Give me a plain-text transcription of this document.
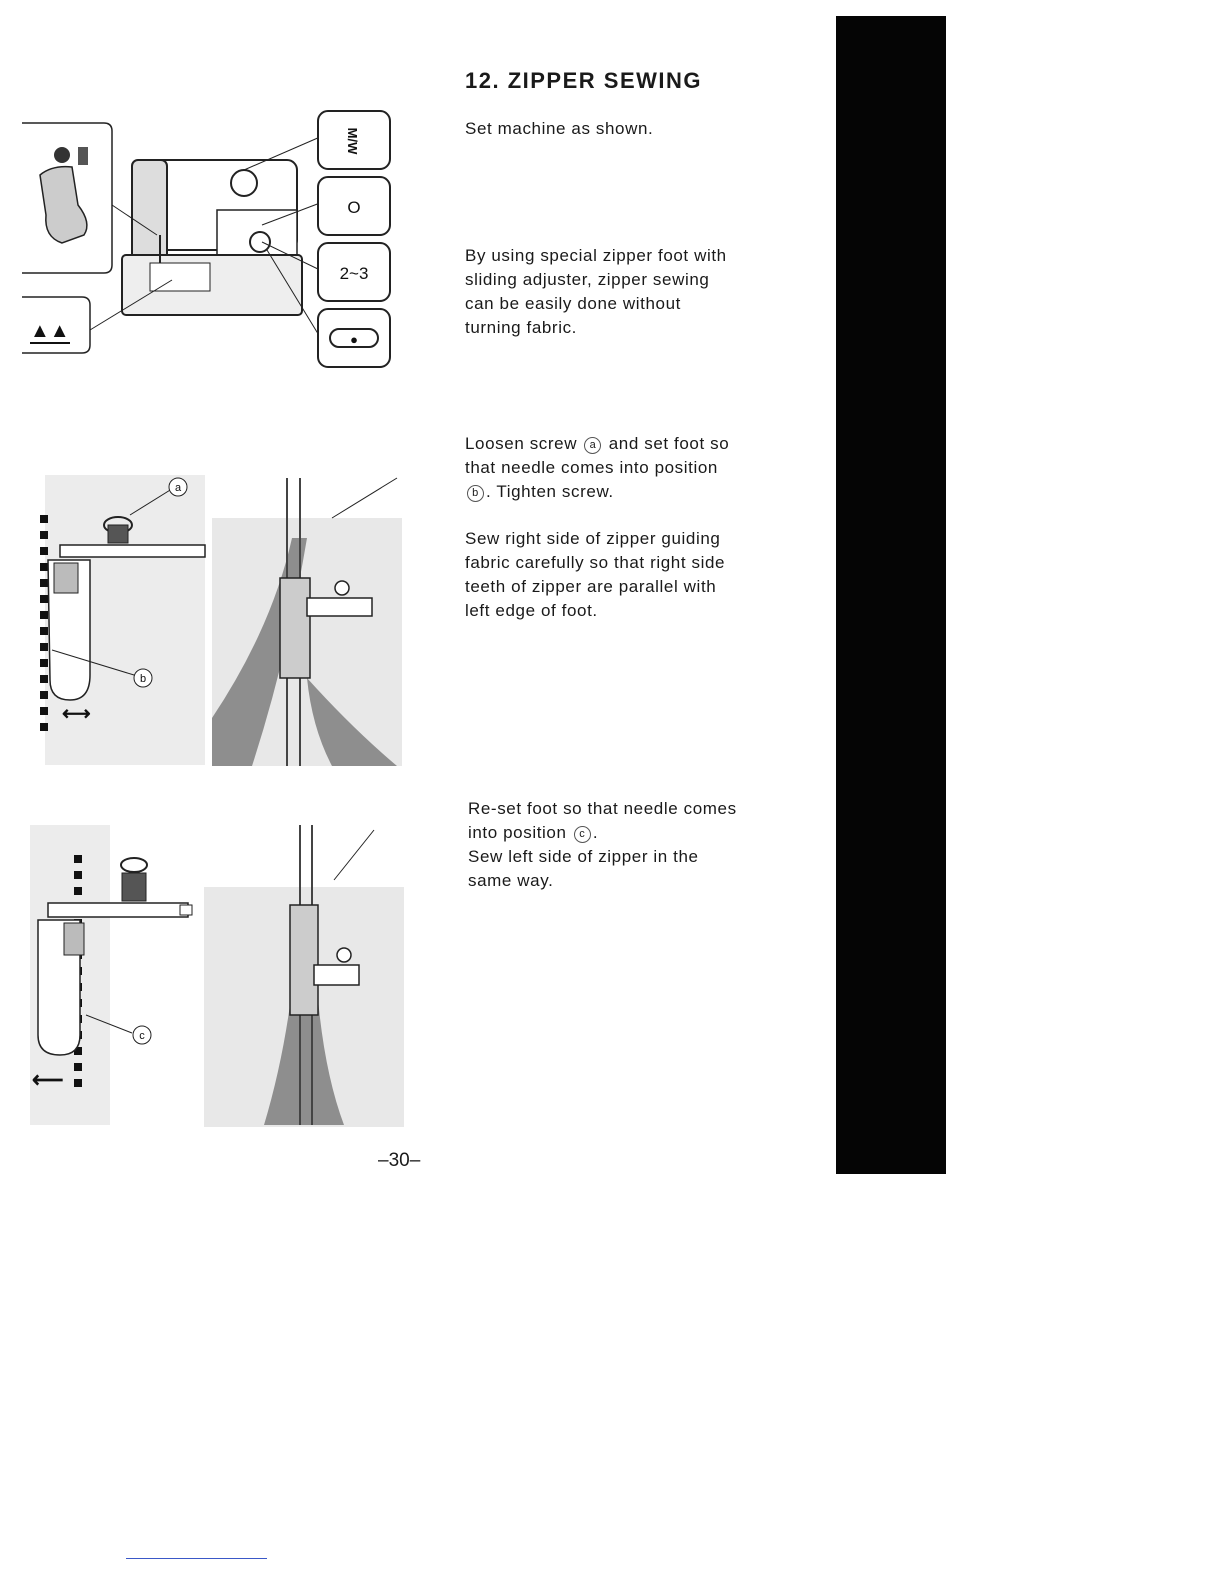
12. ZIPPER SEWING
Set machine as shown.
By using special zipper foot with
sliding adjuster, zipper sewing
can be easily done without
turning fabric.
Loosen screw a and set foot so
that needle comes into position
b . Tighten screw.
Sew right side of zipper guiding
fabric carefully so that right side
teeth of zipper are parallel with
left edge of foot.
Re-set foot so that needle comes
into position c .
Sew left side of zipper in the
same way.
–30–
▲▲
M/W
O
2~3
●
a
b
⟷
c
⟵
